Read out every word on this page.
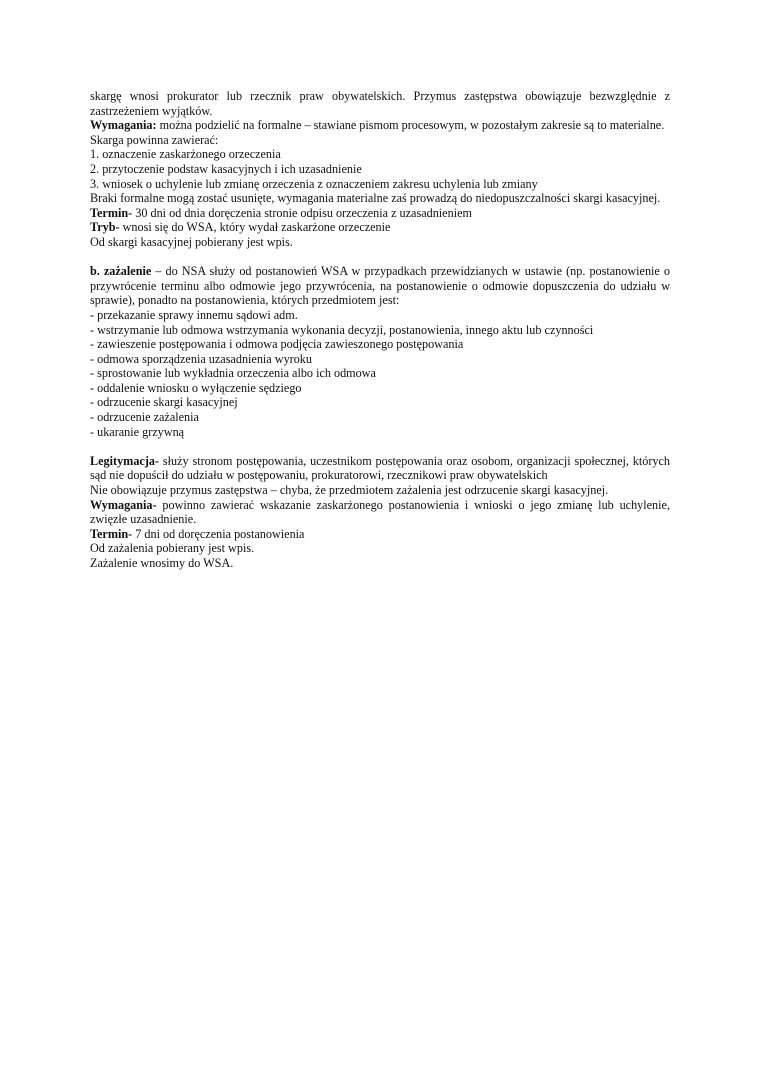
skargę wnosi prokurator lub rzecznik praw obywatelskich. Przymus zastępstwa obowiązuje bezwzględnie z zastrzeżeniem wyjątków.

Wymagania: można podzielić na formalne – stawiane pismom procesowym, w pozostałym zakresie są to materialne.

Skarga powinna zawierać:

1. oznaczenie zaskarżonego orzeczenia

2. przytoczenie podstaw kasacyjnych i ich uzasadnienie

3. wniosek o uchylenie lub zmianę orzeczenia z oznaczeniem zakresu uchylenia lub zmiany

Braki formalne mogą zostać usunięte, wymagania materialne zaś prowadzą do niedopuszczalności skargi kasacyjnej.

Termin- 30 dni od dnia doręczenia stronie odpisu orzeczenia z uzasadnieniem

Tryb- wnosi się do WSA, który wydał zaskarżone orzeczenie

Od skargi kasacyjnej pobierany jest wpis.

b. zażalenie – do NSA służy od postanowień WSA w przypadkach przewidzianych w ustawie (np. postanowienie o przywrócenie terminu albo odmowie jego przywrócenia, na postanowienie o odmowie dopuszczenia do udziału w sprawie), ponadto na postanowienia, których przedmiotem jest:

- przekazanie sprawy innemu sądowi adm.

- wstrzymanie lub odmowa wstrzymania wykonania decyzji, postanowienia, innego aktu lub czynności

- zawieszenie postępowania i odmowa podjęcia zawieszonego postępowania

- odmowa sporządzenia uzasadnienia wyroku

- sprostowanie lub wykładnia orzeczenia albo ich odmowa

- oddalenie wniosku o wyłączenie sędziego

- odrzucenie skargi kasacyjnej

- odrzucenie zażalenia

- ukaranie grzywną

Legitymacja- służy stronom postępowania, uczestnikom postępowania oraz osobom, organizacji społecznej, których sąd nie dopuścił do udziału w postępowaniu, prokuratorowi, rzecznikowi praw obywatelskich

Nie obowiązuje przymus zastępstwa – chyba, że przedmiotem zażalenia jest odrzucenie skargi kasacyjnej.

Wymagania- powinno zawierać wskazanie zaskarżonego postanowienia i wnioski o jego zmianę lub uchylenie, zwięzłe uzasadnienie.

Termin- 7 dni od doręczenia postanowienia

Od zażalenia pobierany jest wpis.

Zażalenie wnosimy do WSA.
